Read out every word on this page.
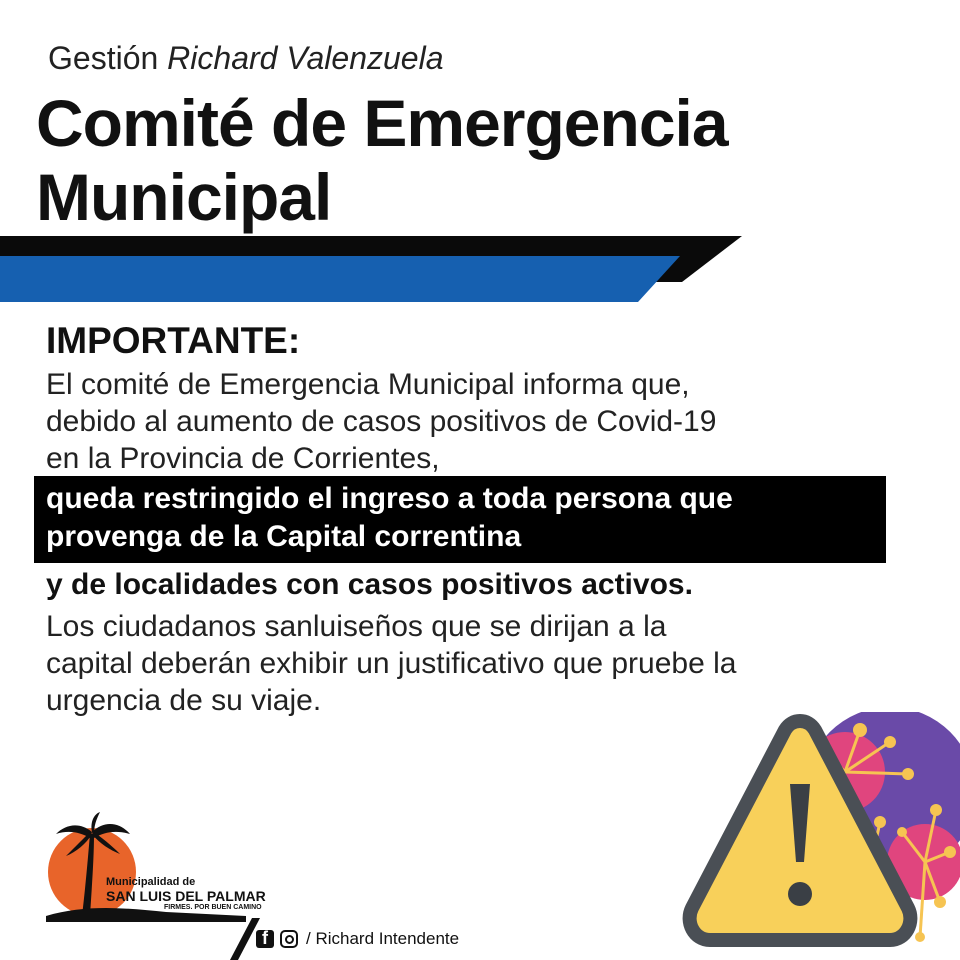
Gestión Richard Valenzuela
Comité de Emergencia
Municipal
IMPORTANTE:

El comité de Emergencia Municipal informa que,
debido al aumento de casos positivos de Covid-19
en la Provincia de Corrientes,

queda restringido el ingreso a toda persona que
provenga de la Capital correntina

y de localidades con casos positivos activos.

Los ciudadanos sanluiseños que se dirijan a la
capital deberán exhibir un justificativo que pruebe la
urgencia de su viaje.

Municipalidad de
SAN LUIS DEL PALMAR
FIRMES. POR BUEN CAMINO
f / Richard Intendente
